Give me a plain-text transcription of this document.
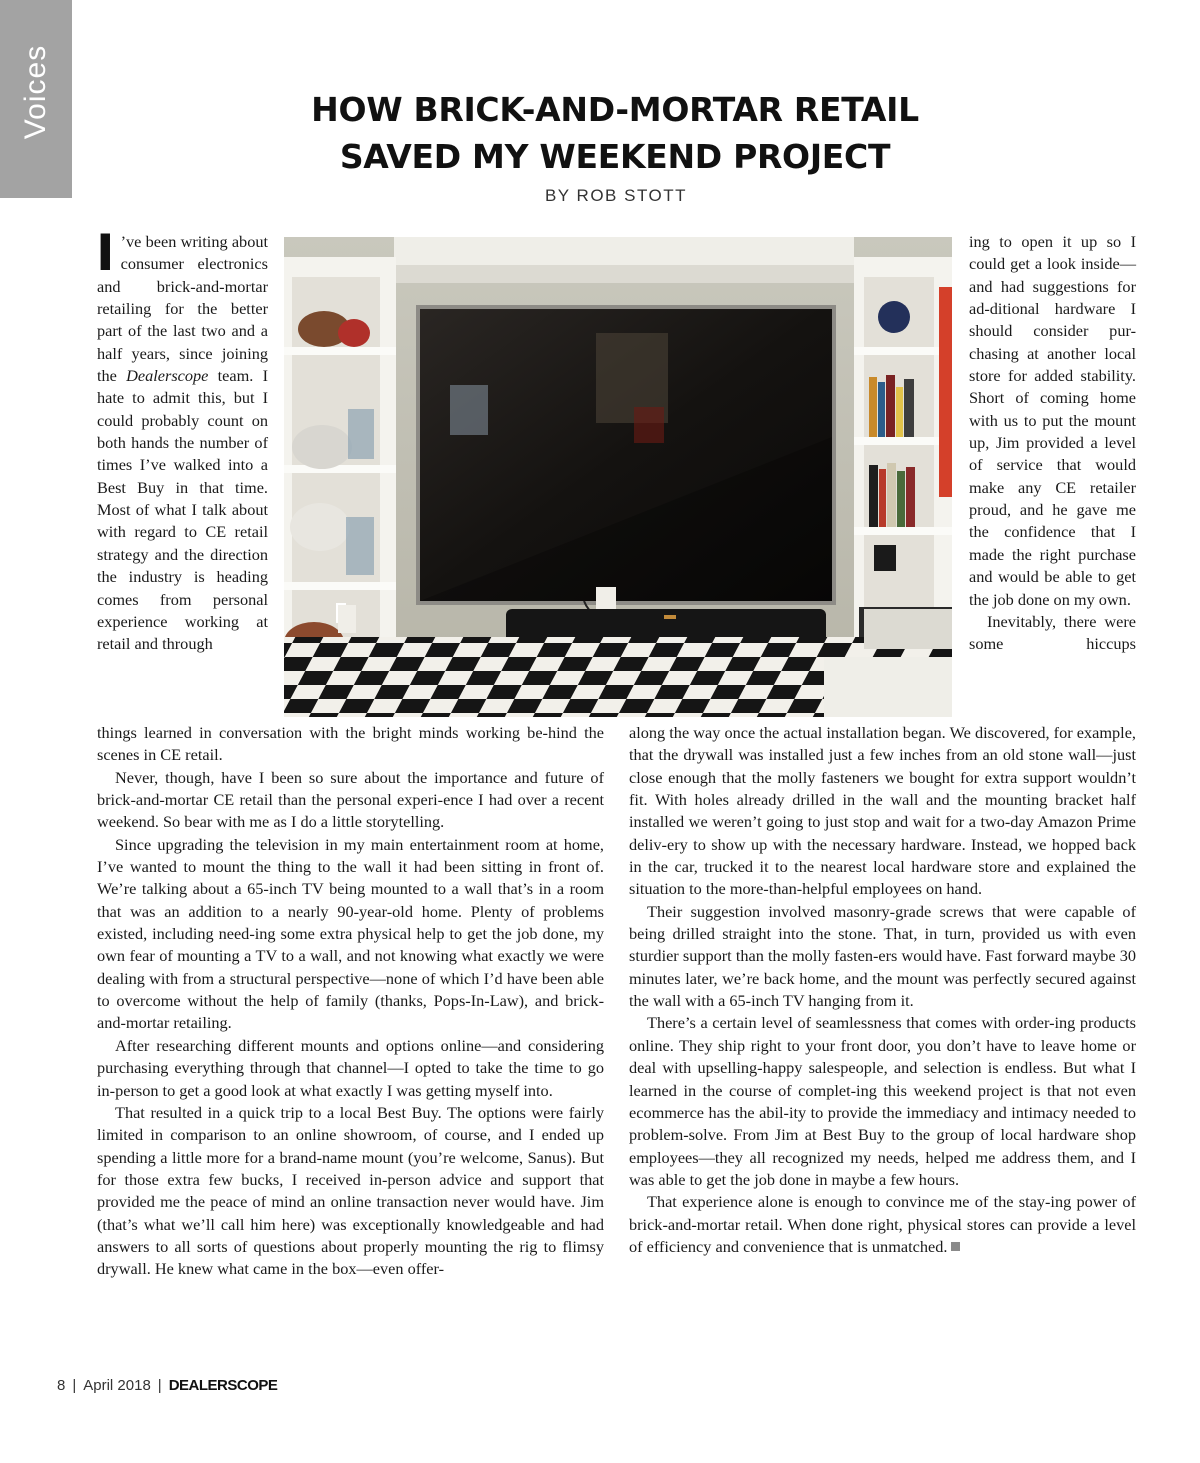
Voices	HOW BRICK-AND-MORTAR RETAIL
SAVED MY WEEKEND PROJECT
BY ROB STOTT

I ’ve been writing about consumer electronics and brick-and-mortar retailing for the better part of the last two and a half years, since joining the Dealerscope team. I hate to admit this, but I could probably count on both hands the number of times I’ve walked into a Best Buy in that time. Most of what I talk about with regard to CE retail strategy and the direction the industry is heading comes from personal experience working at retail and through

ing to open it up so I could get a look inside—and had suggestions for ad-ditional hardware I should consider pur-chasing at another local store for added stability. Short of coming home with us to put the mount up, Jim provided a level of service that would make any CE retailer proud, and he gave me the confidence that I made the right purchase and would be able to get the job done on my own.

Inevitably, there were some hiccups

things learned in conversation with the bright minds working be-hind the scenes in CE retail.

Never, though, have I been so sure about the importance and future of brick-and-mortar CE retail than the personal experi-ence I had over a recent weekend. So bear with me as I do a little storytelling.

Since upgrading the television in my main entertainment room at home, I’ve wanted to mount the thing to the wall it had been sitting in front of. We’re talking about a 65-inch TV being mounted to a wall that’s in a room that was an addition to a nearly 90-year-old home. Plenty of problems existed, including need-ing some extra physical help to get the job done, my own fear of mounting a TV to a wall, and not knowing what exactly we were dealing with from a structural perspective—none of which I’d have been able to overcome without the help of family (thanks, Pops-In-Law), and brick-and-mortar retailing.

After researching different mounts and options online—and considering purchasing everything through that channel—I opted to take the time to go in-person to get a good look at what exactly I was getting myself into.

That resulted in a quick trip to a local Best Buy. The options were fairly limited in comparison to an online showroom, of course, and I ended up spending a little more for a brand-name mount (you’re welcome, Sanus). But for those extra few bucks, I received in-person advice and support that provided me the peace of mind an online transaction never would have. Jim (that’s what we’ll call him here) was exceptionally knowledgeable and had answers to all sorts of questions about properly mounting the rig to flimsy drywall. He knew what came in the box—even offer-

along the way once the actual installation began. We discovered, for example, that the drywall was installed just a few inches from an old stone wall—just close enough that the molly fasteners we bought for extra support wouldn’t fit. With holes already drilled in the wall and the mounting bracket half installed we weren’t going to just stop and wait for a two-day Amazon Prime deliv-ery to show up with the necessary hardware. Instead, we hopped back in the car, trucked it to the nearest local hardware store and explained the situation to the more-than-helpful employees on hand.

Their suggestion involved masonry-grade screws that were capable of being drilled straight into the stone. That, in turn, provided us with even sturdier support than the molly fasten-ers would have. Fast forward maybe 30 minutes later, we’re back home, and the mount was perfectly secured against the wall with a 65-inch TV hanging from it.

There’s a certain level of seamlessness that comes with order-ing products online. They ship right to your front door, you don’t have to leave home or deal with upselling-happy salespeople, and selection is endless. But what I learned in the course of complet-ing this weekend project is that not even ecommerce has the abil-ity to provide the immediacy and intimacy needed to problem-solve. From Jim at Best Buy to the group of local hardware shop employees—they all recognized my needs, helped me address them, and I was able to get the job done in maybe a few hours.

That experience alone is enough to convince me of the stay-ing power of brick-and-mortar retail. When done right, physical stores can provide a level of efficiency and convenience that is unmatched.

8 | April 2018 | DEALERSCOPE
